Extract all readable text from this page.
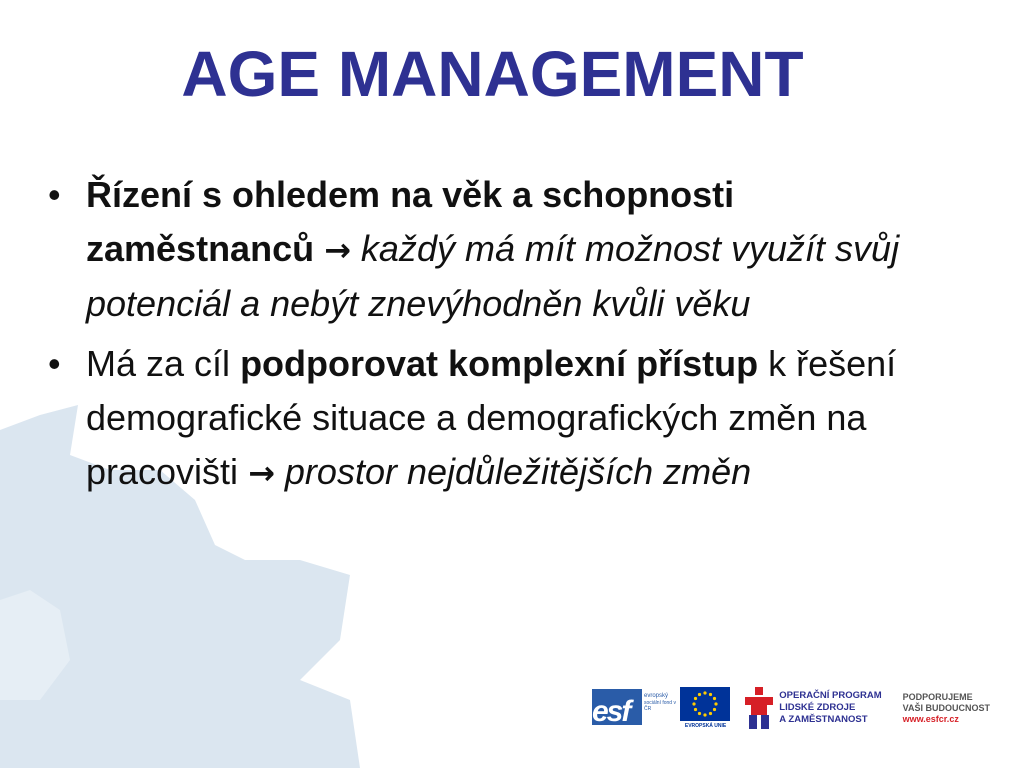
AGE MANAGEMENT
• Řízení s ohledem na věk a schopnosti zaměstnanců → každý má mít možnost využít svůj potenciál a nebýt znevýhodněn kvůli věku
• Má za cíl podporovat komplexní přístup k řešení demografické situace a demografických změn na pracovišti → prostor nejdůležitějších změn
esf evropský
sociální fond v ČR
EVROPSKÁ UNIE
OPERAČNÍ PROGRAM
LIDSKÉ ZDROJE
A ZAMĚSTNANOST
PODPORUJEME
VAŠI BUDOUCNOST
www.esfcr.cz
